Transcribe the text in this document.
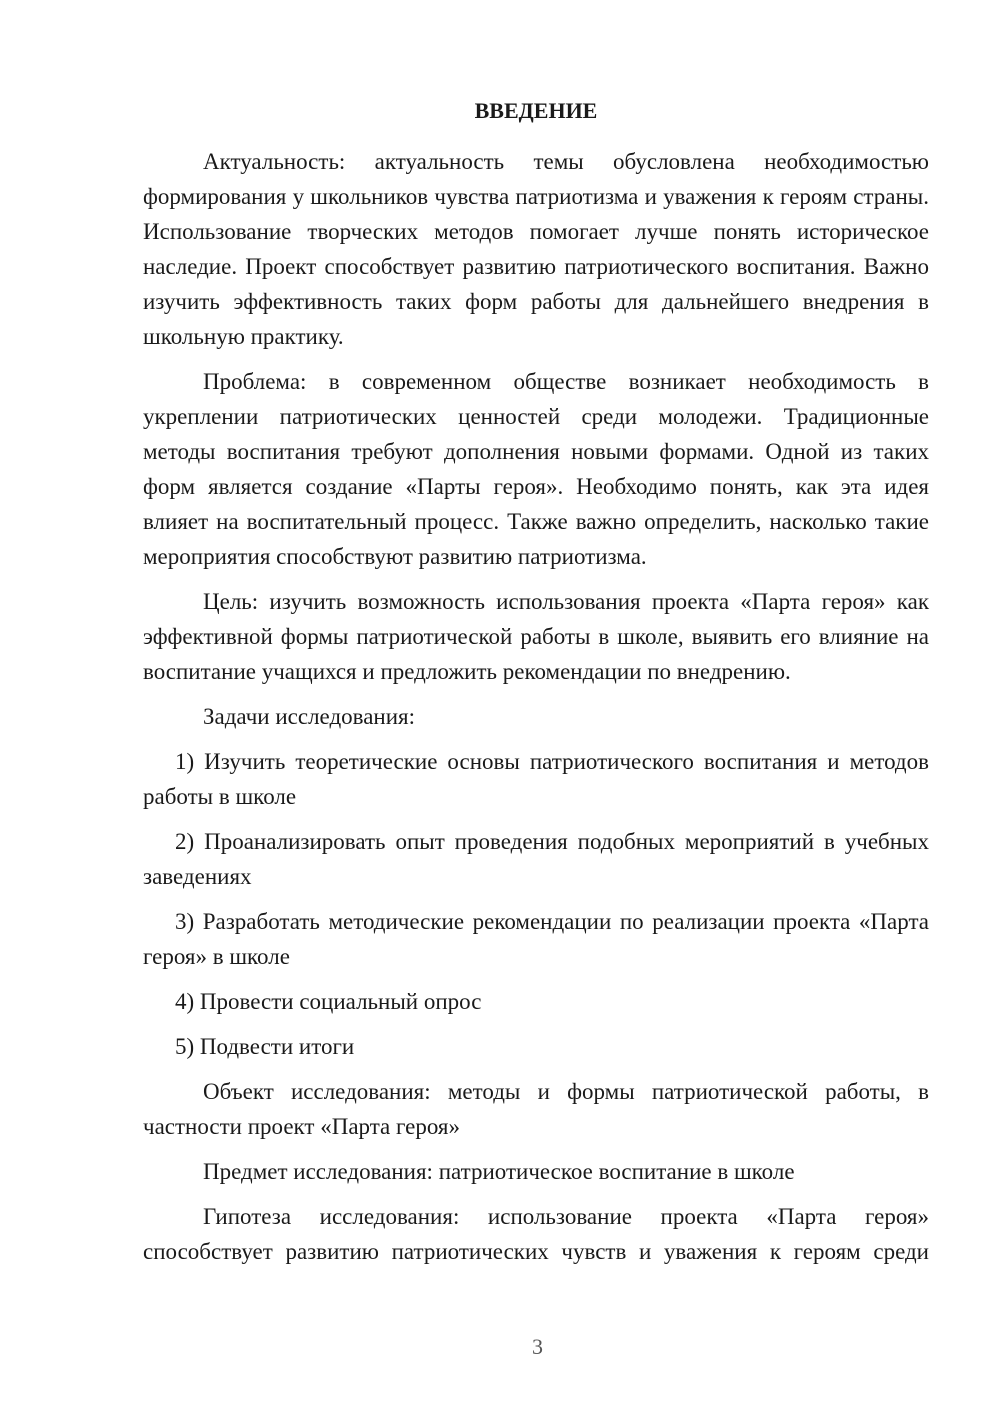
ВВЕДЕНИЕ

Актуальность: актуальность темы обусловлена необходимостью формирования у школьников чувства патриотизма и уважения к героям страны. Использование творческих методов помогает лучше понять историческое наследие. Проект способствует развитию патриотического воспитания. Важно изучить эффективность таких форм работы для дальнейшего внедрения в школьную практику.

Проблема: в современном обществе возникает необходимость в укреплении патриотических ценностей среди молодежи. Традиционные методы воспитания требуют дополнения новыми формами. Одной из таких форм является создание «Парты героя». Необходимо понять, как эта идея влияет на воспитательный процесс. Также важно определить, насколько такие мероприятия способствуют развитию патриотизма.

Цель: изучить возможность использования проекта «Парта героя» как эффективной формы патриотической работы в школе, выявить его влияние на воспитание учащихся и предложить рекомендации по внедрению.

Задачи исследования:

1) Изучить теоретические основы патриотического воспитания и методов работы в школе

2) Проанализировать опыт проведения подобных мероприятий в учебных заведениях

3) Разработать методические рекомендации по реализации проекта «Парта героя» в школе

4) Провести социальный опрос

5) Подвести итоги

Объект исследования: методы и формы патриотической работы, в частности проект «Парта героя»

Предмет исследования: патриотическое воспитание в школе

Гипотеза исследования: использование проекта «Парта героя» способствует развитию патриотических чувств и уважения к героям среди

3
